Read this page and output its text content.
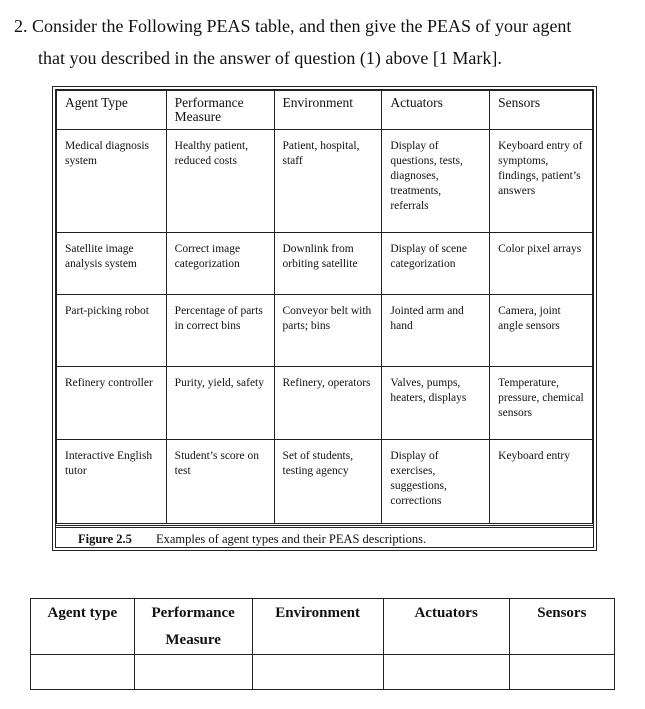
2. Consider the Following PEAS table, and then give the PEAS of your agent
that you described in the answer of question (1) above [1 Mark].
Agent Type	Performance Measure	Environment	Actuators	Sensors
Medical diagnosis system	Healthy patient, reduced costs	Patient, hospital, staff	Display of questions, tests, diagnoses, treatments, referrals	Keyboard entry of symptoms, findings, patient’s answers
Satellite image analysis system	Correct image categorization	Downlink from orbiting satellite	Display of scene categorization	Color pixel arrays
Part-picking robot	Percentage of parts in correct bins	Conveyor belt with parts; bins	Jointed arm and hand	Camera, joint angle sensors
Refinery controller	Purity, yield, safety	Refinery, operators	Valves, pumps, heaters, displays	Temperature, pressure, chemical sensors
Interactive English tutor	Student’s score on test	Set of students, testing agency	Display of exercises, suggestions, corrections	Keyboard entry
Figure 2.5 Examples of agent types and their PEAS descriptions.
Agent type	Performance Measure	Environment	Actuators	Sensors
